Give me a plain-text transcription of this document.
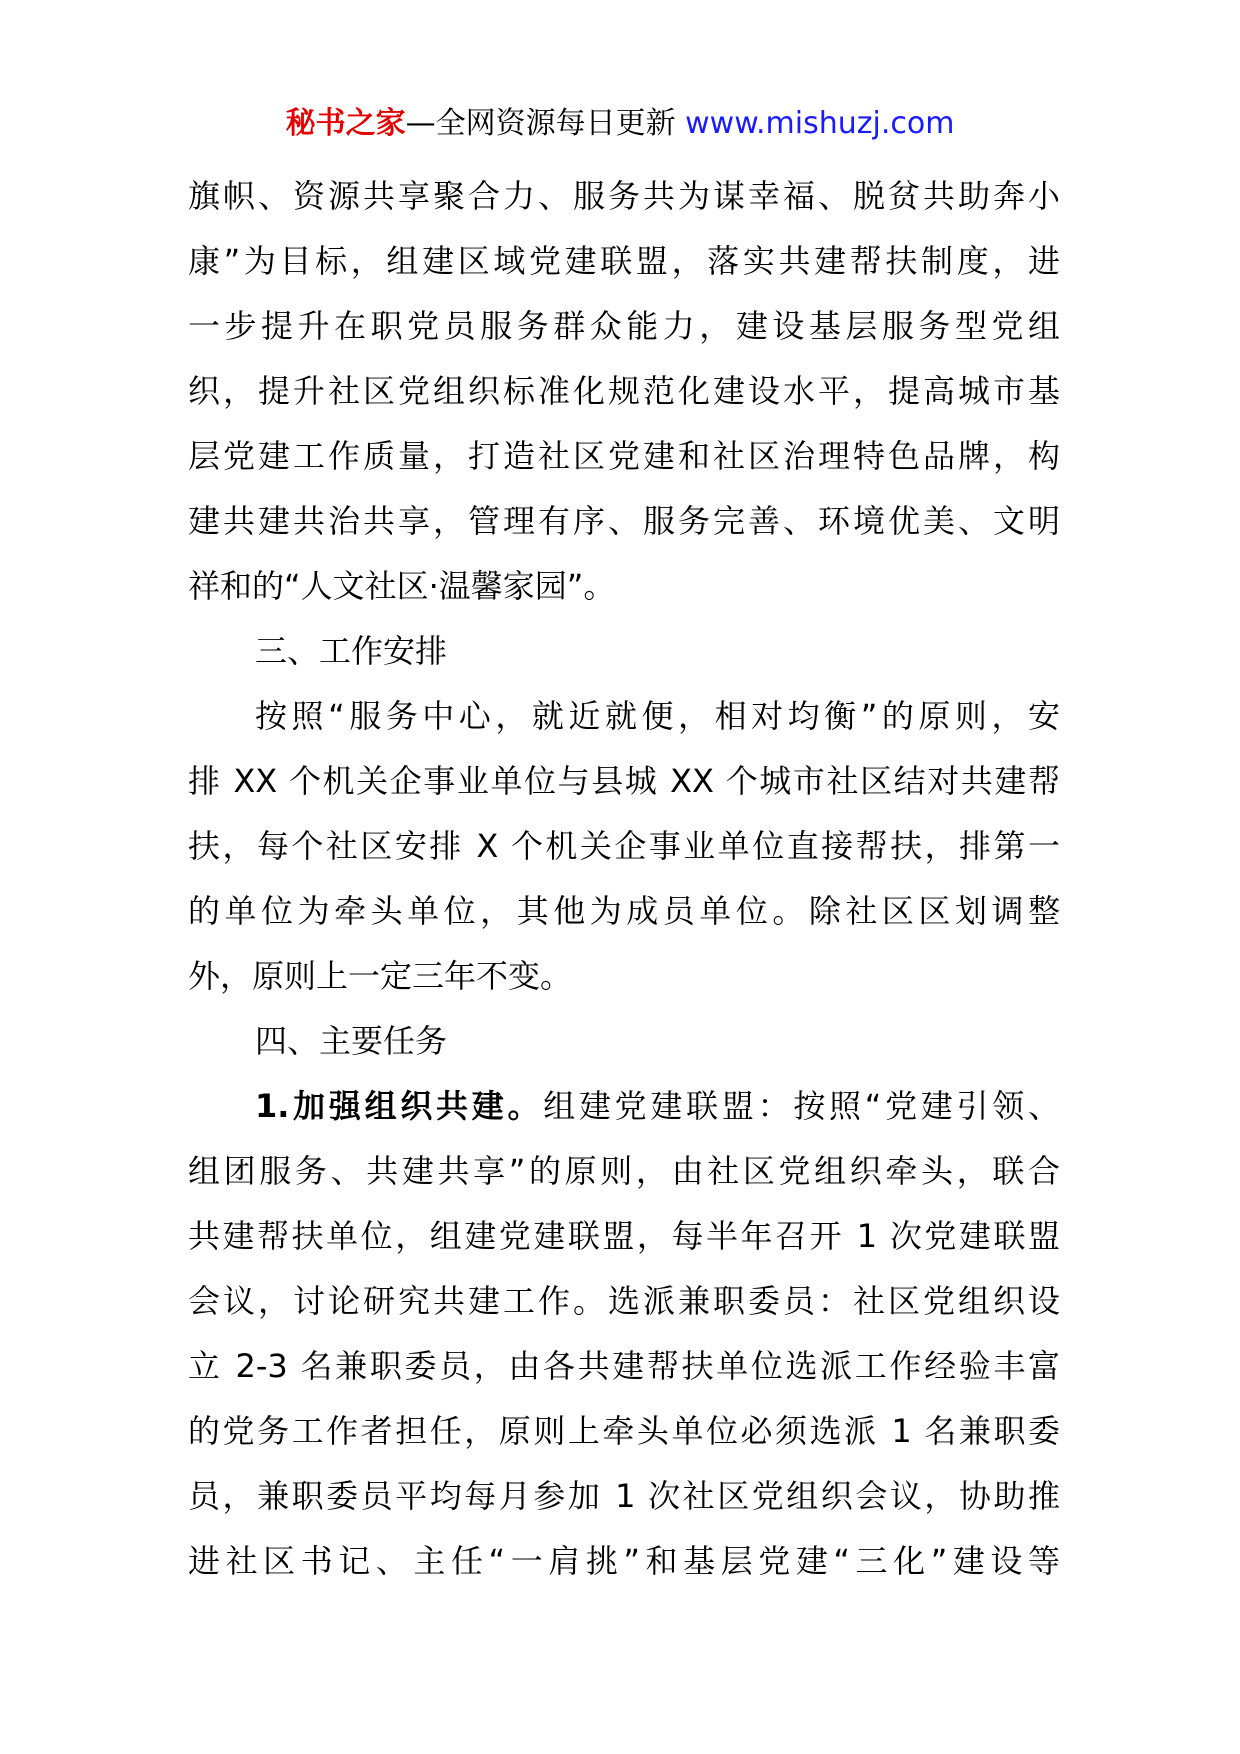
秘书之家—全网资源每日更新 www.mishuzj.com
旗帜、资源共享聚合力、服务共为谋幸福、脱贫共助奔小
康”为目标，组建区域党建联盟，落实共建帮扶制度，进
一步提升在职党员服务群众能力，建设基层服务型党组
织，提升社区党组织标准化规范化建设水平，提高城市基
层党建工作质量，打造社区党建和社区治理特色品牌，构
建共建共治共享，管理有序、服务完善、环境优美、文明
祥和的“人文社区·温馨家园”。
三、工作安排
按照“服务中心，就近就便，相对均衡”的原则，安
排 XX 个机关企事业单位与县城 XX 个城市社区结对共建帮
扶，每个社区安排 X 个机关企事业单位直接帮扶，排第一
的单位为牵头单位，其他为成员单位。除社区区划调整
外，原则上一定三年不变。
四、主要任务
1.加强组织共建。组建党建联盟：按照“党建引领、
组团服务、共建共享”的原则，由社区党组织牵头，联合
共建帮扶单位，组建党建联盟，每半年召开 1 次党建联盟
会议，讨论研究共建工作。选派兼职委员：社区党组织设
立 2-3 名兼职委员，由各共建帮扶单位选派工作经验丰富
的党务工作者担任，原则上牵头单位必须选派 1 名兼职委
员，兼职委员平均每月参加 1 次社区党组织会议，协助推
进社区书记、主任“一肩挑”和基层党建“三化”建设等
